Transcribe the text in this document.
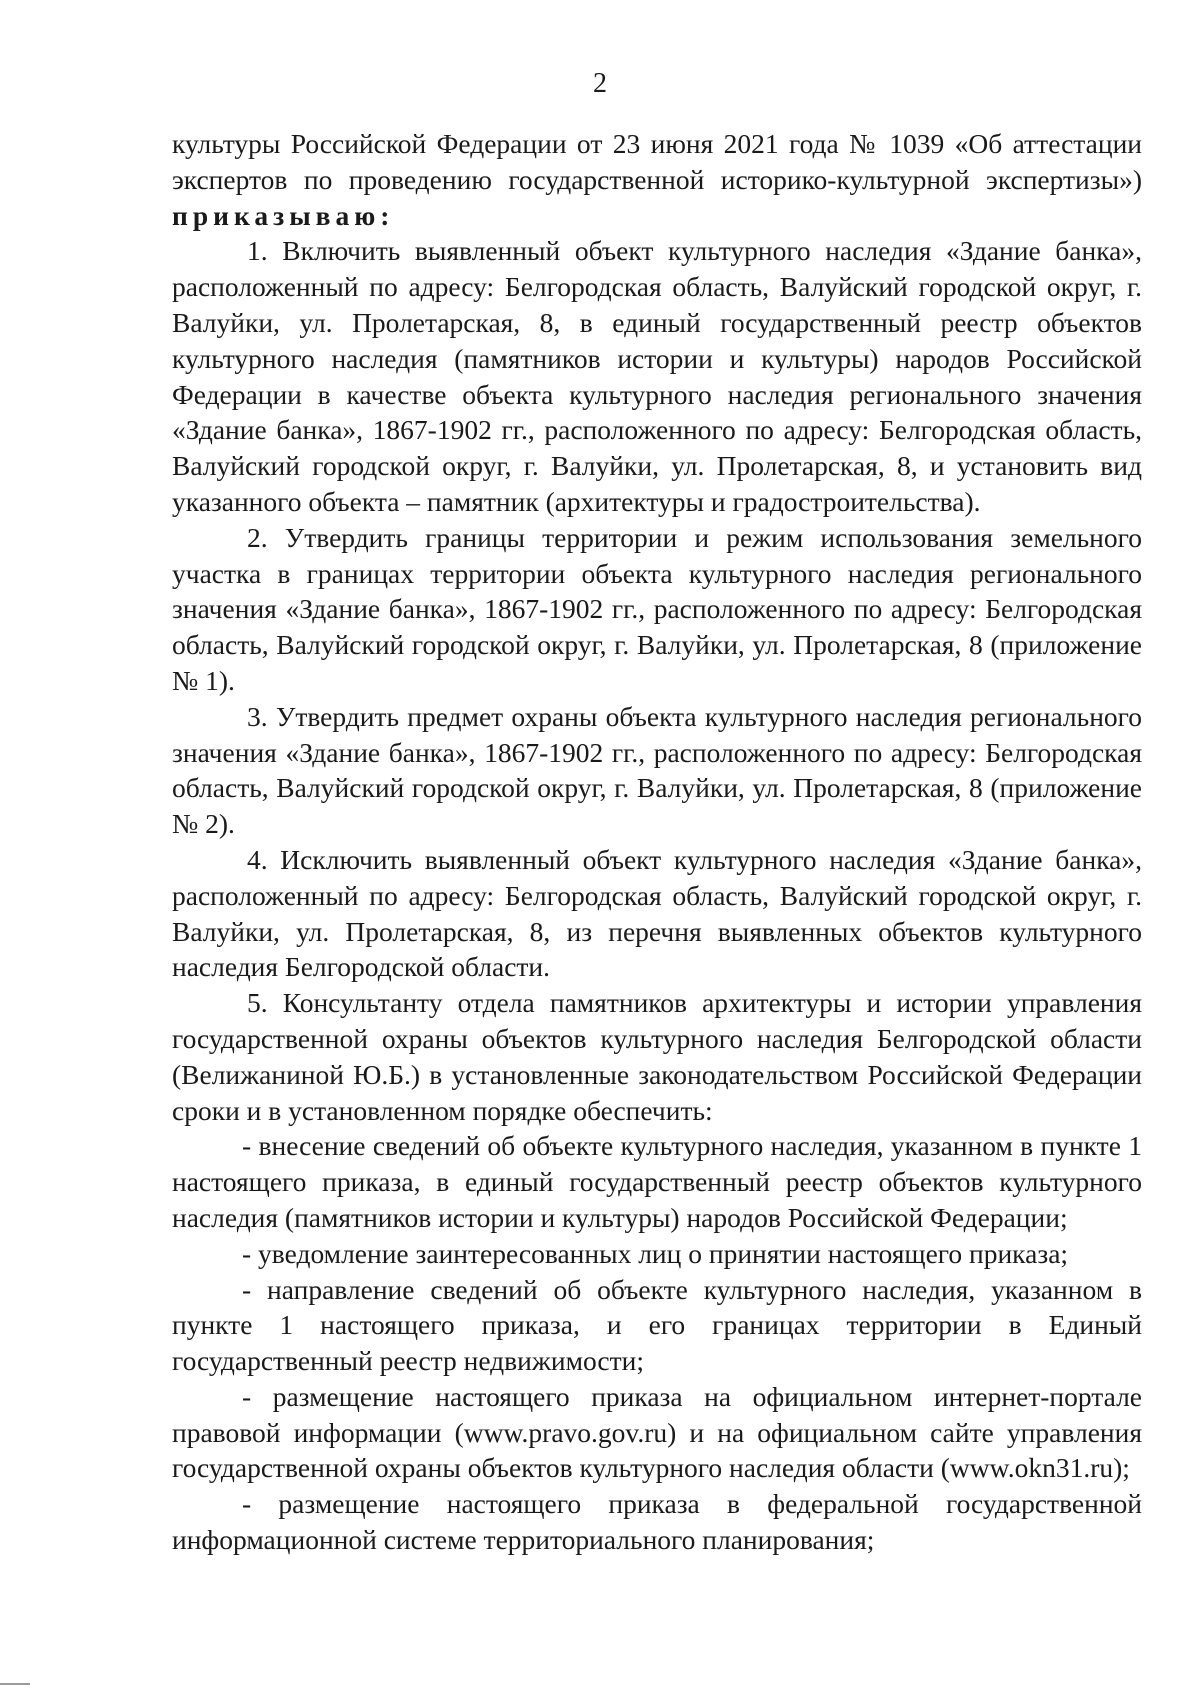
2

культуры Российской Федерации от 23 июня 2021 года № 1039 «Об аттестации экспертов по проведению государственной историко-культурной экспертизы») приказываю:

1. Включить выявленный объект культурного наследия «Здание банка», расположенный по адресу: Белгородская область, Валуйский городской округ, г. Валуйки, ул. Пролетарская, 8, в единый государственный реестр объектов культурного наследия (памятников истории и культуры) народов Российской Федерации в качестве объекта культурного наследия регионального значения «Здание банка», 1867-1902 гг., расположенного по адресу: Белгородская область, Валуйский городской округ, г. Валуйки, ул. Пролетарская, 8, и установить вид указанного объекта – памятник (архитектуры и градостроительства).

2. Утвердить границы территории и режим использования земельного участка в границах территории объекта культурного наследия регионального значения «Здание банка», 1867-1902 гг., расположенного по адресу: Белгородская область, Валуйский городской округ, г. Валуйки, ул. Пролетарская, 8 (приложение № 1).

3. Утвердить предмет охраны объекта культурного наследия регионального значения «Здание банка», 1867-1902 гг., расположенного по адресу: Белгородская область, Валуйский городской округ, г. Валуйки, ул. Пролетарская, 8 (приложение № 2).

4. Исключить выявленный объект культурного наследия «Здание банка», расположенный по адресу: Белгородская область, Валуйский городской округ, г. Валуйки, ул. Пролетарская, 8, из перечня выявленных объектов культурного наследия Белгородской области.

5. Консультанту отдела памятников архитектуры и истории управления государственной охраны объектов культурного наследия Белгородской области (Велижаниной Ю.Б.) в установленные законодательством Российской Федерации сроки и в установленном порядке обеспечить:

- внесение сведений об объекте культурного наследия, указанном в пункте 1 настоящего приказа, в единый государственный реестр объектов культурного наследия (памятников истории и культуры) народов Российской Федерации;

- уведомление заинтересованных лиц о принятии настоящего приказа;

- направление сведений об объекте культурного наследия, указанном в пункте 1 настоящего приказа, и его границах территории в Единый государственный реестр недвижимости;

- размещение настоящего приказа на официальном интернет-портале правовой информации (www.pravo.gov.ru) и на официальном сайте управления государственной охраны объектов культурного наследия области (www.okn31.ru);

- размещение настоящего приказа в федеральной государственной информационной системе территориального планирования;
